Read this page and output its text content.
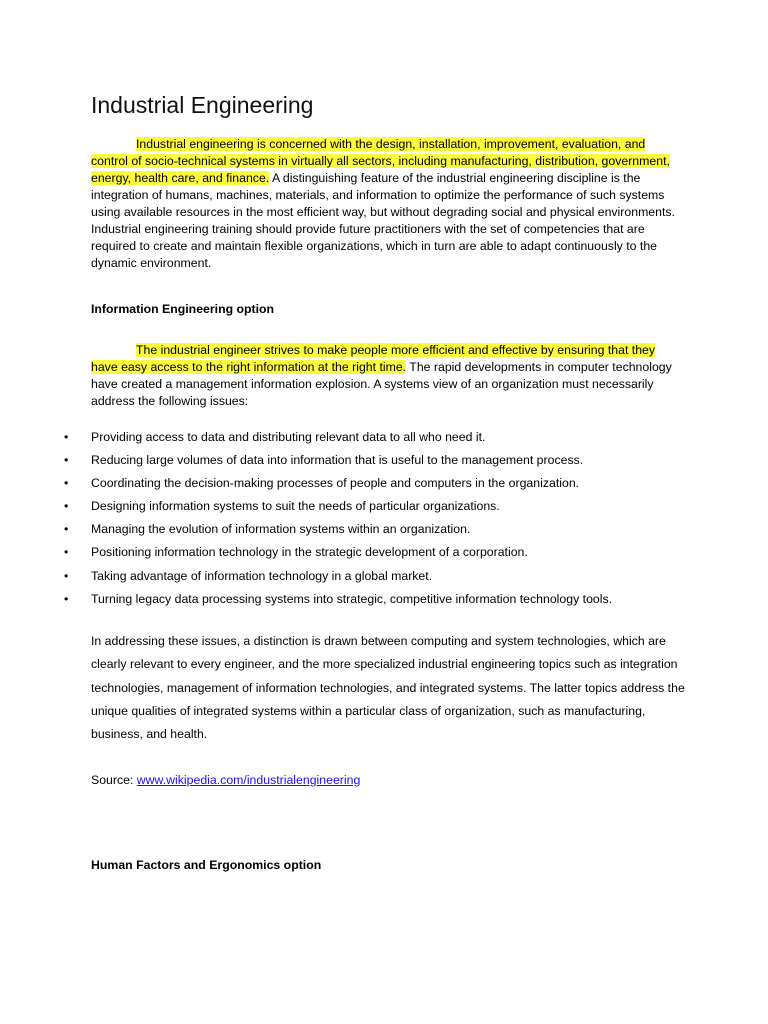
Industrial Engineering

Industrial engineering is concerned with the design, installation, improvement, evaluation, and control of socio-technical systems in virtually all sectors, including manufacturing, distribution, government, energy, health care, and finance. A distinguishing feature of the industrial engineering discipline is the integration of humans, machines, materials, and information to optimize the performance of such systems using available resources in the most efficient way, but without degrading social and physical environments. Industrial engineering training should provide future practitioners with the set of competencies that are required to create and maintain flexible organizations, which in turn are able to adapt continuously to the dynamic environment.

Information Engineering option

The industrial engineer strives to make people more efficient and effective by ensuring that they have easy access to the right information at the right time. The rapid developments in computer technology have created a management information explosion. A systems view of an organization must necessarily address the following issues:

• Providing access to data and distributing relevant data to all who need it.
• Reducing large volumes of data into information that is useful to the management process.
• Coordinating the decision-making processes of people and computers in the organization.
• Designing information systems to suit the needs of particular organizations.
• Managing the evolution of information systems within an organization.
• Positioning information technology in the strategic development of a corporation.
• Taking advantage of information technology in a global market.
• Turning legacy data processing systems into strategic, competitive information technology tools.

In addressing these issues, a distinction is drawn between computing and system technologies, which are clearly relevant to every engineer, and the more specialized industrial engineering topics such as integration technologies, management of information technologies, and integrated systems. The latter topics address the unique qualities of integrated systems within a particular class of organization, such as manufacturing, business, and health.

Source: www.wikipedia.com/industrialengineering

Human Factors and Ergonomics option
